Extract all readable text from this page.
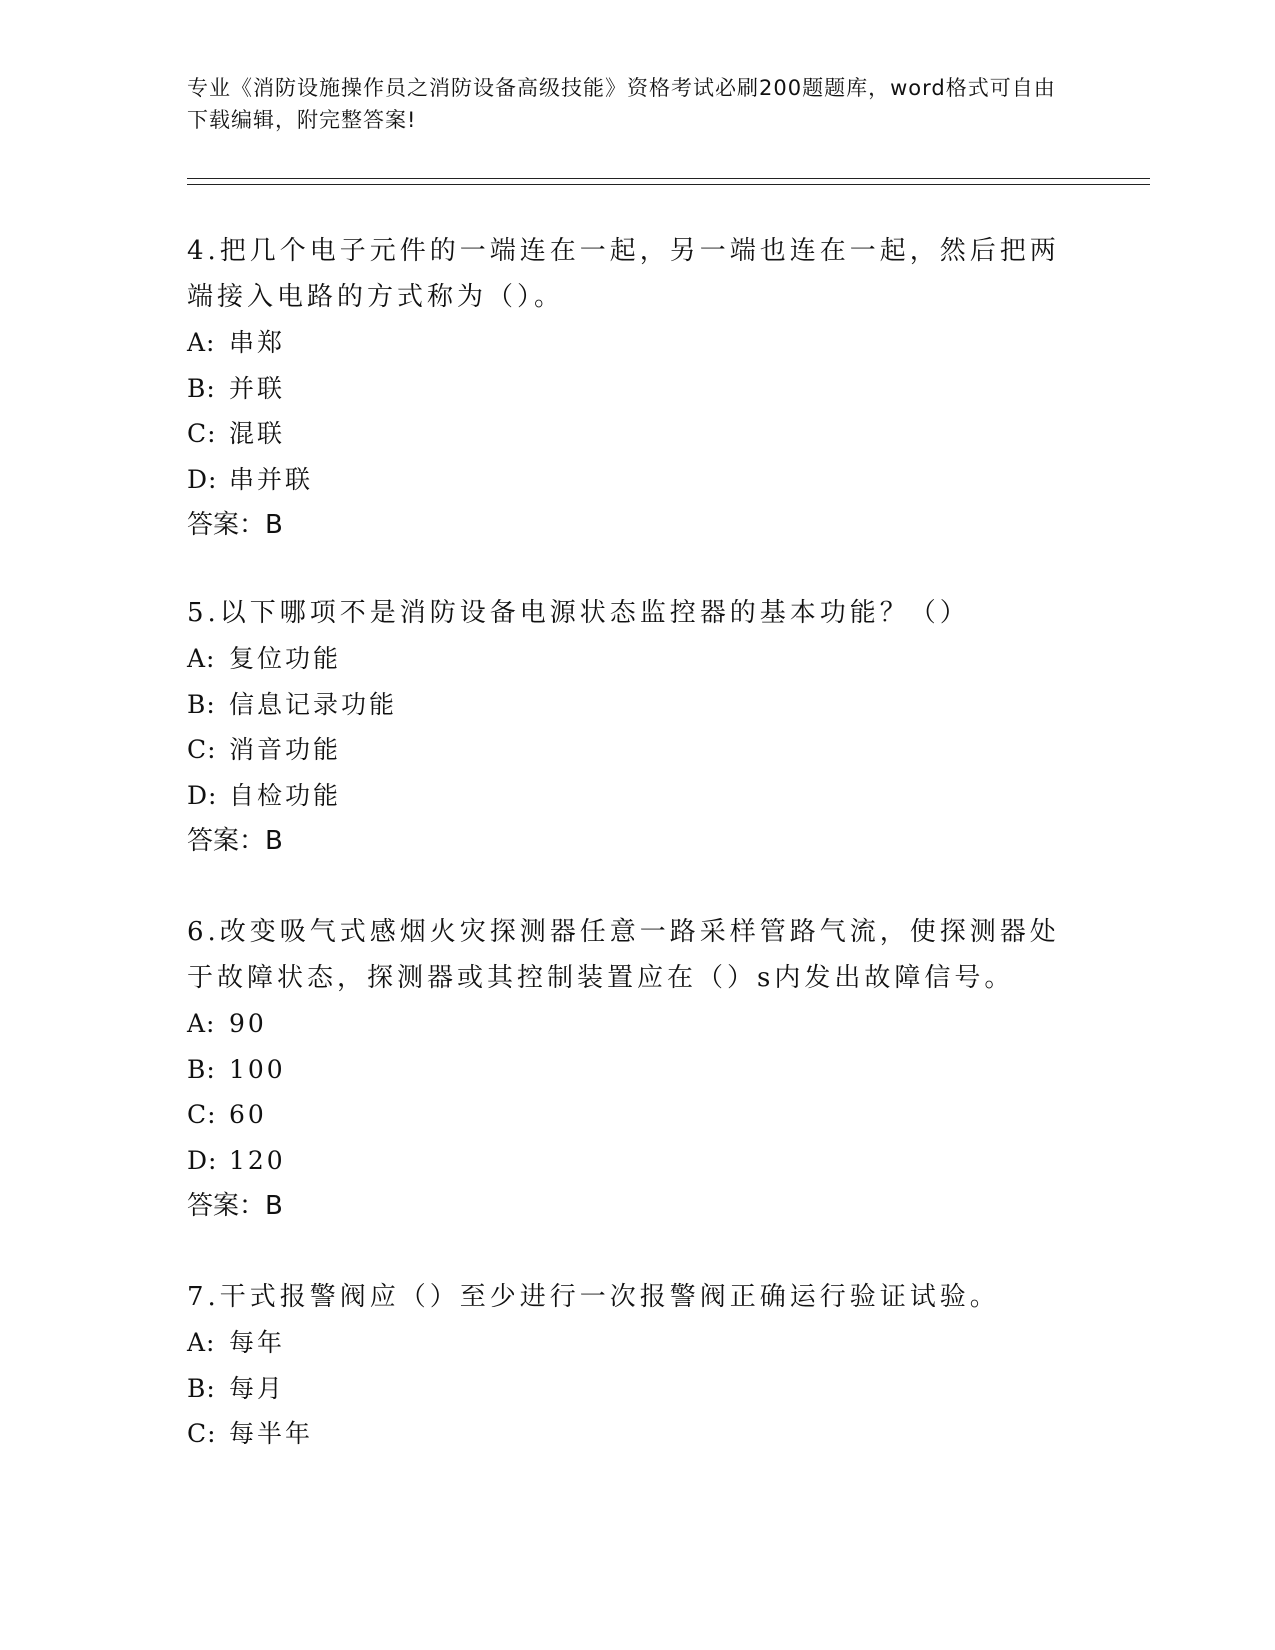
专业《消防设施操作员之消防设备高级技能》资格考试必刷200题题库，word格式可自由下载编辑，附完整答案!

4.把几个电子元件的一端连在一起，另一端也连在一起，然后把两端接入电路的方式称为（）。

A: 串郑
B: 并联
C: 混联
D: 串并联
答案：B

5.以下哪项不是消防设备电源状态监控器的基本功能？（）

A: 复位功能
B: 信息记录功能
C: 消音功能
D: 自检功能
答案：B

6.改变吸气式感烟火灾探测器任意一路采样管路气流，使探测器处于故障状态，探测器或其控制装置应在（）s内发出故障信号。

A: 90
B: 100
C: 60
D: 120
答案：B

7.干式报警阀应（）至少进行一次报警阀正确运行验证试验。

A: 每年
B: 每月
C: 每半年
